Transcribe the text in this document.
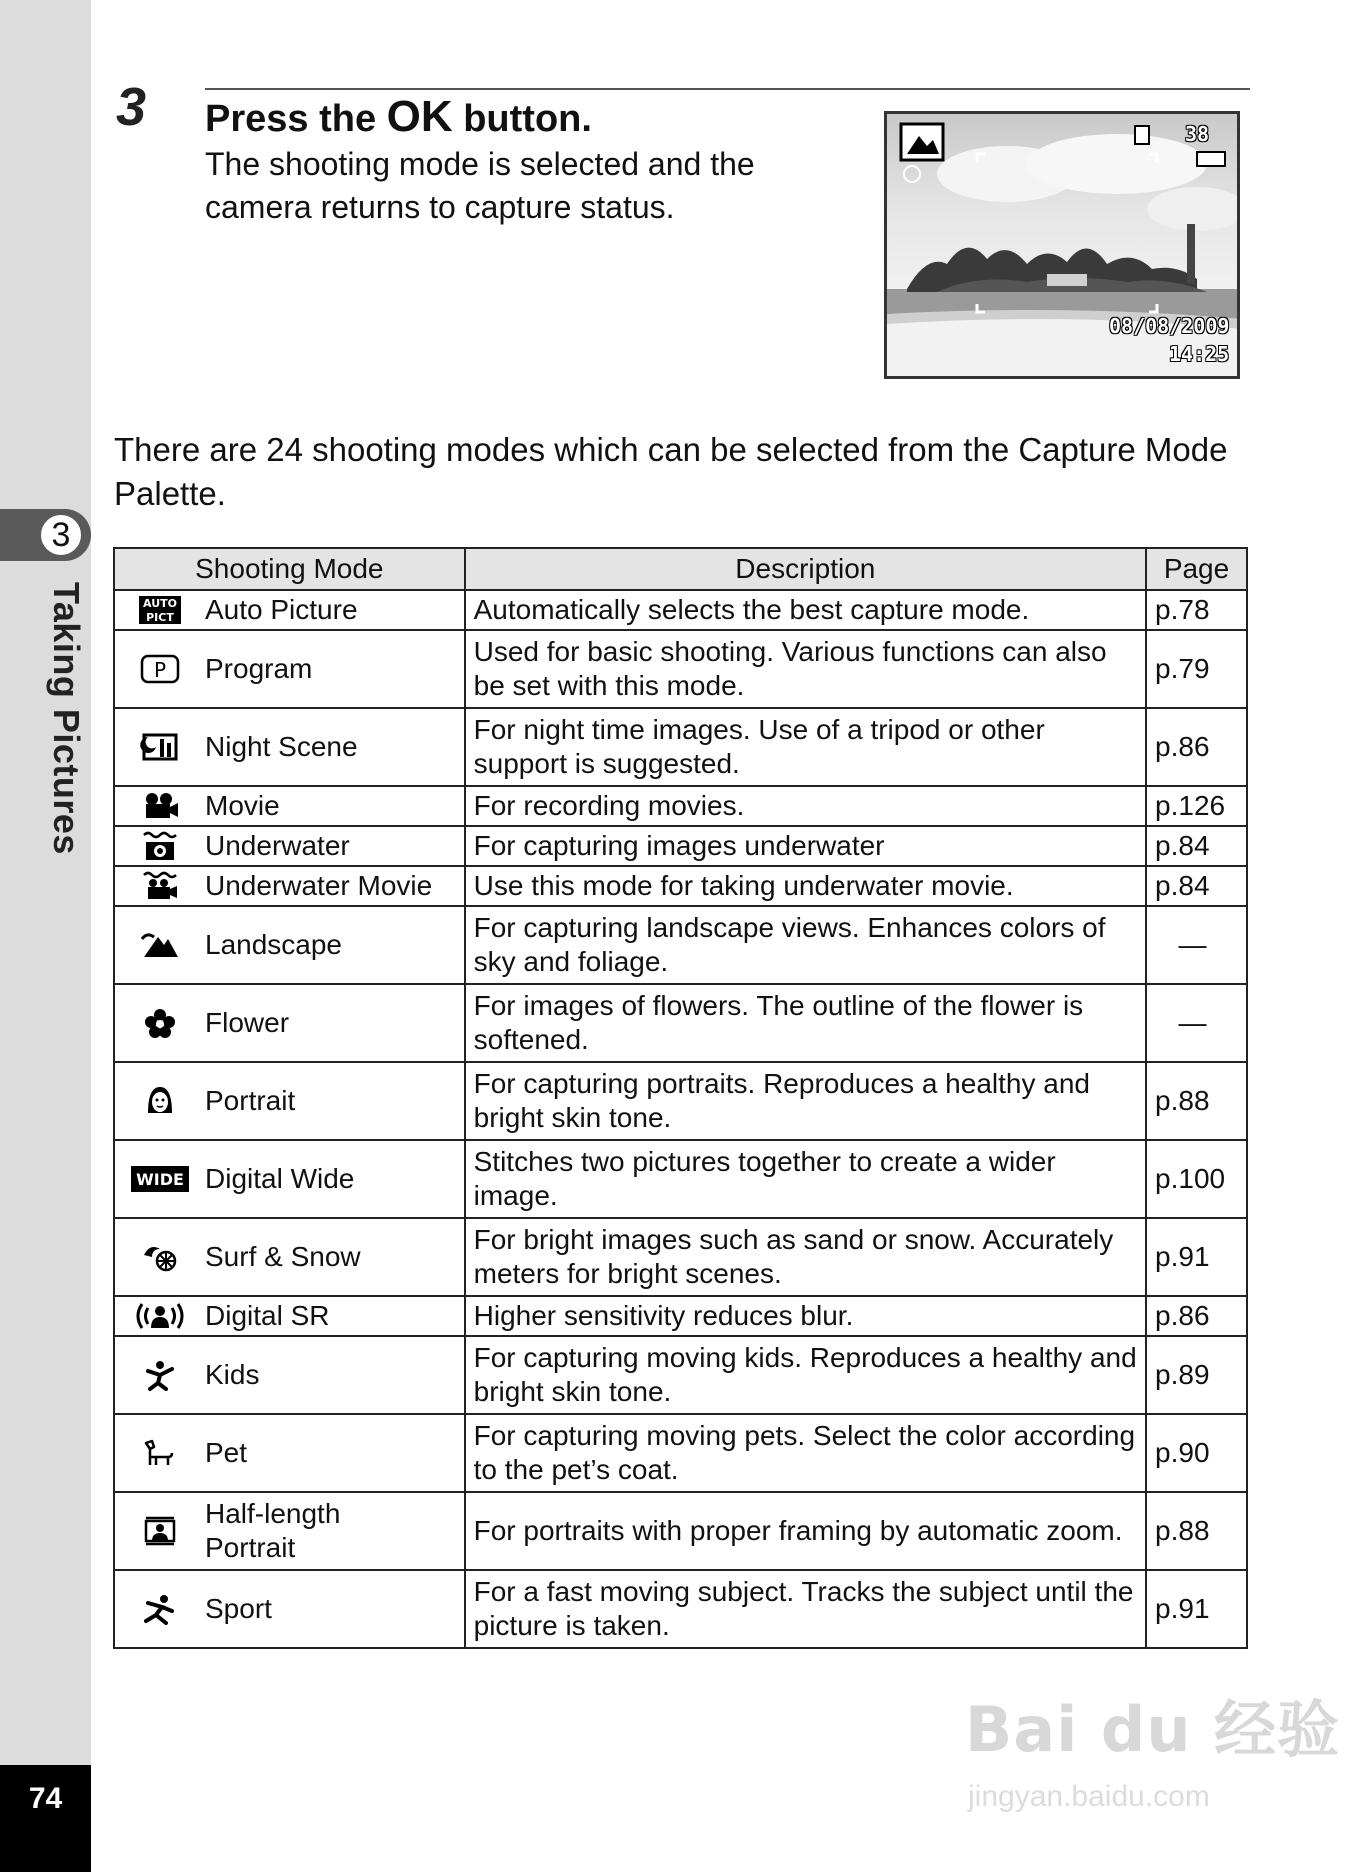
3
Taking Pictures
74
3 Press the OK button.
The shooting mode is selected and the camera returns to capture status.
38
08/08/2009
14:25
There are 24 shooting modes which can be selected from the Capture Mode Palette.
Shooting Mode	Description	Page

AUTO
PICT Auto Picture	Automatically selects the best capture mode.	p.78

P Program	Used for basic shooting. Various functions can also be set with this mode.	p.79

Night Scene	For night time images. Use of a tripod or other support is suggested.	p.86

Movie	For recording movies.	p.126

Underwater	For capturing images underwater	p.84

Underwater Movie	Use this mode for taking underwater movie.	p.84

Landscape	For capturing landscape views. Enhances colors of sky and foliage.	—

Flower	For images of flowers. The outline of the flower is softened.	—

Portrait	For capturing portraits. Reproduces a healthy and bright skin tone.	p.88

WIDE Digital Wide	Stitches two pictures together to create a wider image.	p.100

Surf & Snow	For bright images such as sand or snow. Accurately meters for bright scenes.	p.91

Digital SR	Higher sensitivity reduces blur.	p.86

Kids	For capturing moving kids. Reproduces a healthy and bright skin tone.	p.89

Pet	For capturing moving pets. Select the color according to the pet’s coat.	p.90

Half-length Portrait	For portraits with proper framing by automatic zoom.	p.88

Sport	For a fast moving subject. Tracks the subject until the picture is taken.	p.91
Bai du 经验
jingyan.baidu.com
